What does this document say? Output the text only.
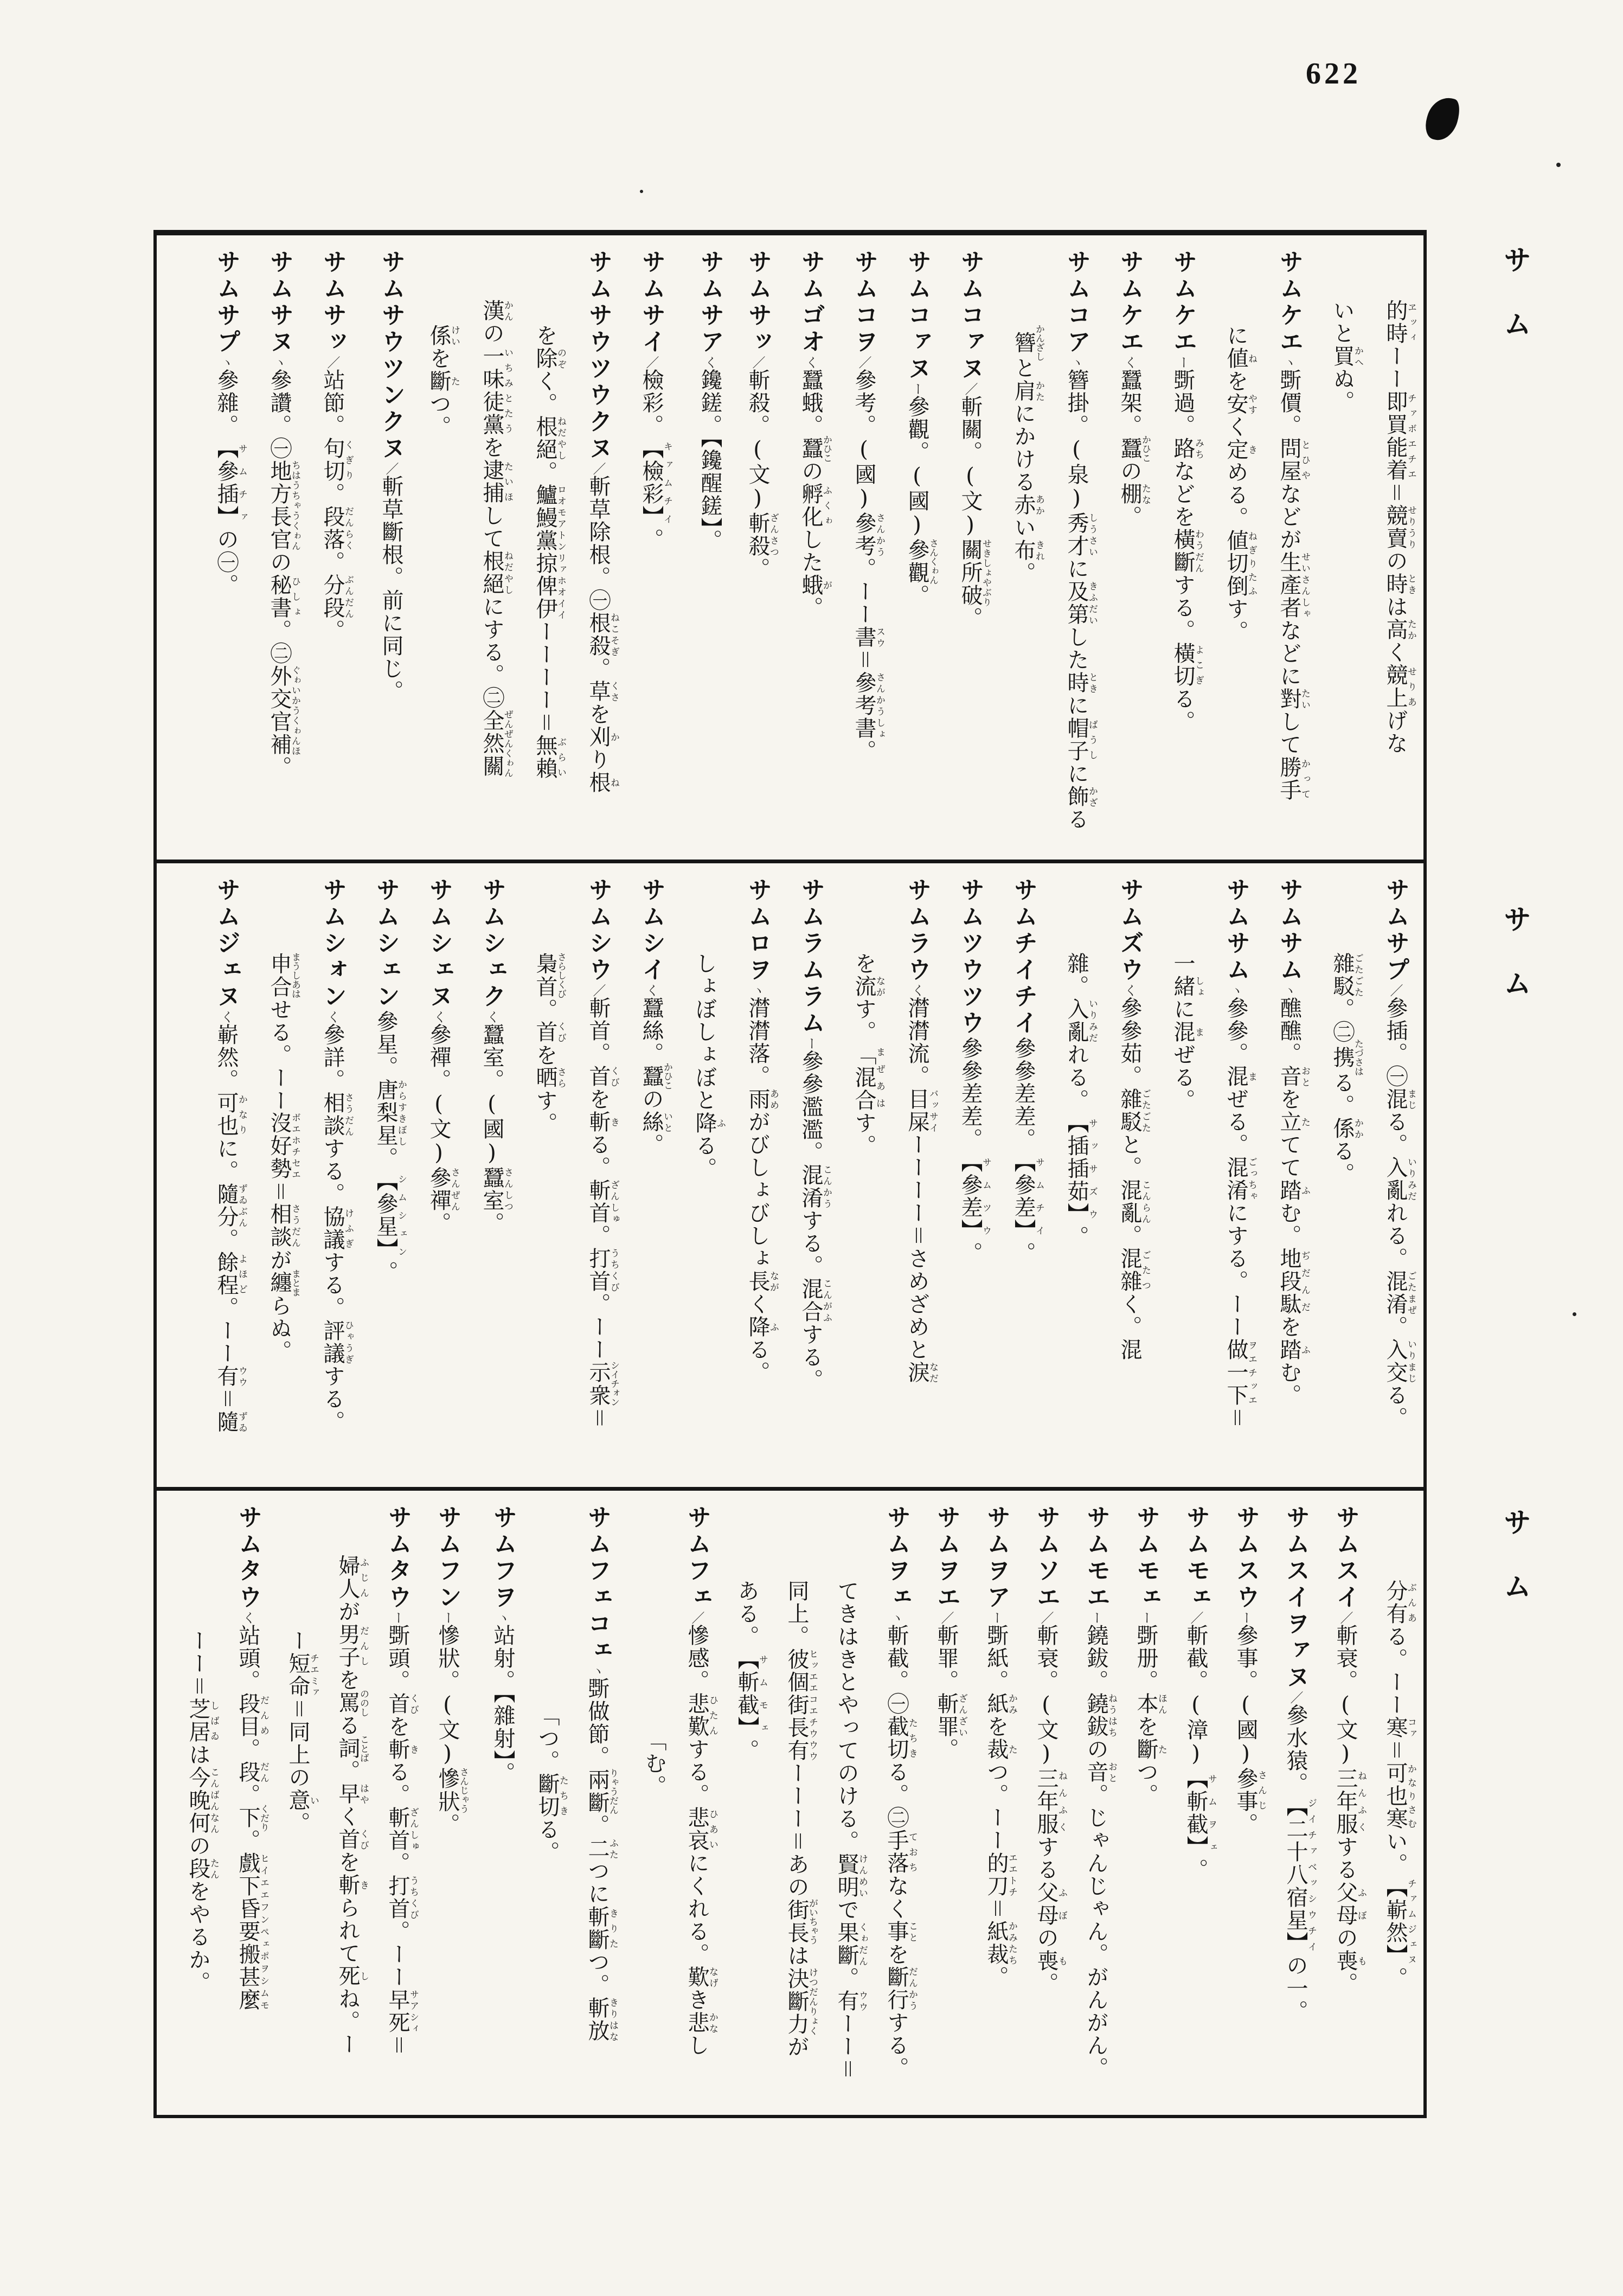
622
サム
サム
サム
的時ヱッィーー即買能着チァボエチエ＝競賣せりうりの時ときは高たかく競上せりあげな
いと買かへぬ。
サムケエヽ斲價。問屋とひやなどが生產者せいさんしゃなどに對たいして勝手かって
に値ねを安やすく定きめる。値切倒ねぎりたふす。
サムケエー斲過。路みちなどを橫斷わうだんする。橫切よこぎる。
サムケエく蠶架。蠶かひこの棚たな。
サムコアヽ簪掛。(泉)秀才しうさいに及第きふだいした時ときに帽子ばうしに飾かざる
簪かんざしと肩かたにかける赤あかい布きれ。
サムコァヌ／斬關。(文)關所破せきしょやぶり。
サムコァヌー參觀。(國)參觀さんくゎん。
サムコヲ／參考。(國)參考さんかう。ーー書スウ＝參考書さんかうしょ。
サムゴオく蠶蛾。蠶かひこの孵化ふくゎした蛾が。
サムサッ／斬殺。(文)斬殺ざんさつ。
サムサアく鑱鎈。【鑱醒鎈】。
サムサイ／檢彩。【檢彩】キァムチイ。
サムサウツウクヌ／斬草除根。㊀根殺ねこそぎ。草くさを刈かり根ね
を除のぞく。根絕ねだやし。鱸鰻黨掠俾伊ロオモアトンリァホオイイーーーー＝無賴ぶらい
漢かんの一味徒黨いちみとたうを逮捕たいほして根絕ねだやしにする。㊁全然關ぜんぜんくゎん
係けいを斷たつ。
サムサウツンクヌ／斬草斷根。前に同じ。
サムサッ／站節。句切くぎり。段落だんらく。分段ぶんだん。
サムサヌヽ參讚。㊀地方長官ちはうちゃうくゎんの秘書ひしょ。㊁外交官補ぐゎいかうくゎんほ。
サムサプヽ參雜。【參插】サムチァの㊀。
サムサプ／參插。㊀混まじる。入亂いりみだれる。混淆ごたまぜ。入交いりまじる。
雜駁ごたごた。㊁携たづさはる。係かかる。
サムサムヽ醮醮。音おとを立たてて踏ふむ。地段駄ぢだんだを踏ふむ。
サムサムヽ參參。混まぜる。混淆ごっちゃにする。ーー做一下ヲエチッエ＝
一緒しょに混まぜる。
サムズウく參參茹。雜駁ごたごたと。混亂こんらん。混雜ごたつく。混
雜。入亂いりみだれる。【插插茹】サッサズウ。
サムチイチイ參參差差。【參差】サムチイ。
サムツウツウ參參差差。【參差】サムツウ。
サムラウく潸潸流。目屎バッサイーーーー＝さめざめと淚なだ
を流ながす。「混合まぜあはす。
サムラムラムー參參濫濫。混淆こんかうする。混合こんがふする。
サムロヲヽ潸潸落。雨あめがびしょびしょ長ながく降ふる。
しょぼしょぼと降ふる。
サムシイく蠶絲。蠶かひこの絲いと。
サムシウ／斬首。首くびを斬きる。斬首ざんしゅ。打首うちくび。ーー示衆シイチォン＝
梟首さらしくび。首くびを晒さらす。
サムシェクく蠶室。(國)蠶室さんしつ。
サムシェヌく參禪。(文)參禪さんぜん。
サムシェン參星。唐梨星からすきぼし。【參星】シムシェン。
サムシォンく參詳。相談さうだんする。協議けふぎする。評議ひゃうぎする。
申合まうしあはせる。ーー沒好勢ボエホチセエ＝相談さうだんが纏まとまらぬ。
サムジェヌく嶄然。可也かなりに。隨分ずゐぶん。餘程よほど。ーー有ウウ＝隨ずゐ
分有ぶんある。ーー寒コァ＝可也寒かなりさむい。【嶄然】チァムジェヌ。
サムスイ／斬衰。(文)三年服ねんふくする父母ふぼの喪も。
サムスイヲァヌ／參水猿。【二十八宿星】ジイチァベッシウチイの一。
サムスウー參事。(國)參事さんじ。
サムモェ／斬截。(漳)【斬截】サムヲェ。
サムモェー斲册。本ほんを斷たつ。
サムモエー鐃鈸。鐃鈸ねうはちの音おと。じゃんじゃん。がんがん。
サムソエ／斬衰。(文)三年服ねんふくする父母ふぼの喪も。
サムヲアー斲紙。紙かみを裁たつ。ーー的刀エエトチ＝紙裁かみたち。
サムヲエ／斬罪。斬罪ざんざい。
サムヲェヽ斬截。㊀截切たちきる。㊁手落ておちなく事ことを斷行だんかうする。
てきはきとやってのける。賢明けんめいで果斷くゎだん。有ウウーー＝
同上。彼個街長有ヒッエエコエチウウウーーー＝あの街長がいちゃうは決斷力けつだんりょくが
ある。【斬截】サムモェ。
サムフェ／慘感。悲歎ひたんする。悲哀ひあいにくれる。歎なげき悲かなし
「む。
サムフェコェヽ斲做節。兩斷りゃうだん。二ふたつに斬斷きりたつ。斬放きりはな
「つ。斷切たちきる。
サムフヲヽ站射。【雜射】。
サムフンー慘狀。(文)慘狀さんじゃう。
サムタウー斲頭。首くびを斬きる。斬首ざんしゅ。打首うちくび。ーー早死サアシィ＝
婦人ふじんが男子だんしを罵ののしる詞ことば。早はやく首くびを斬きられて死しね。ー
ー短命チエミァ＝同上の意い。
サムタウく站頭。段目だんめ。段だん。下くだり。戲下昏要搬甚麼ヒイエエフンペェポヲシムモ
ーー＝芝居しばゐは今晚何こんばんなんの段たんをやるか。
